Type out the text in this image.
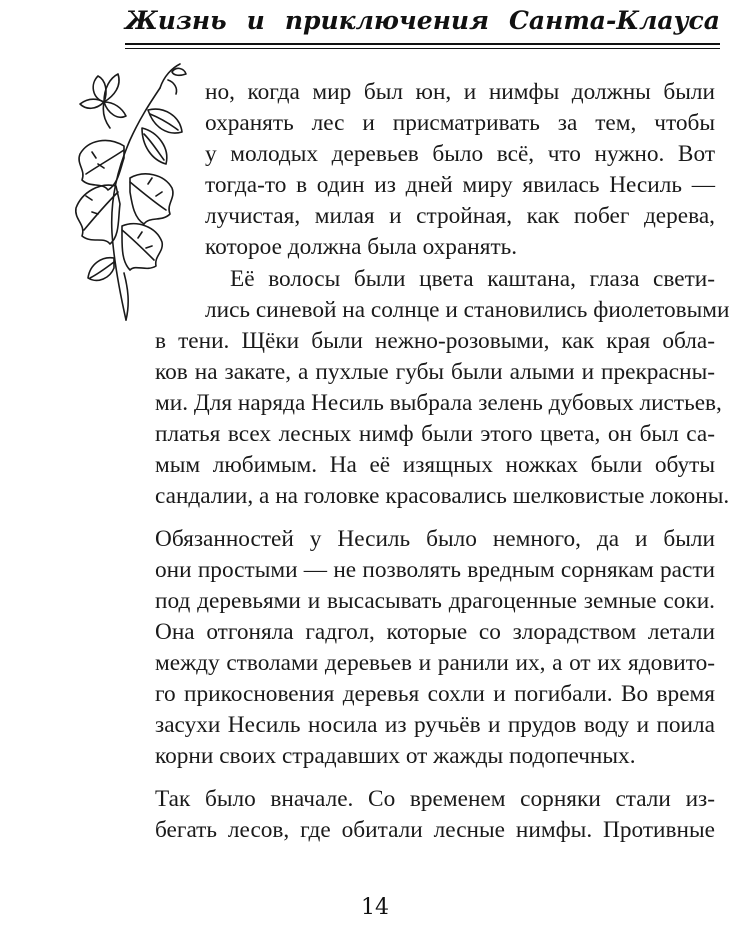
Жизнь и приключения Санта-Клауса
но, когда мир был юн, и нимфы должны были
охранять лес и присматривать за тем, чтобы
у молодых деревьев было всё, что нужно. Вот
тогда-то в один из дней миру явилась Несиль —
лучистая, милая и стройная, как побег дерева,
которое должна была охранять.
Её волосы были цвета каштана, глаза свети-
лись синевой на солнце и становились фиолетовыми
в тени. Щёки были нежно-розовыми, как края обла-
ков на закате, а пухлые губы были алыми и прекрасны-
ми. Для наряда Несиль выбрала зелень дубовых листьев,
платья всех лесных нимф были этого цвета, он был са-
мым любимым. На её изящных ножках были обуты
сандалии, а на головке красовались шелковистые локоны.
Обязанностей у Несиль было немного, да и были
они простыми — не позволять вредным сорнякам расти
под деревьями и высасывать драгоценные земные соки.
Она отгоняла гадгол, которые со злорадством летали
между стволами деревьев и ранили их, а от их ядовито-
го прикосновения деревья сохли и погибали. Во время
засухи Несиль носила из ручьёв и прудов воду и поила
корни своих страдавших от жажды подопечных.
Так было вначале. Со временем сорняки стали из-
бегать лесов, где обитали лесные нимфы. Противные
14
